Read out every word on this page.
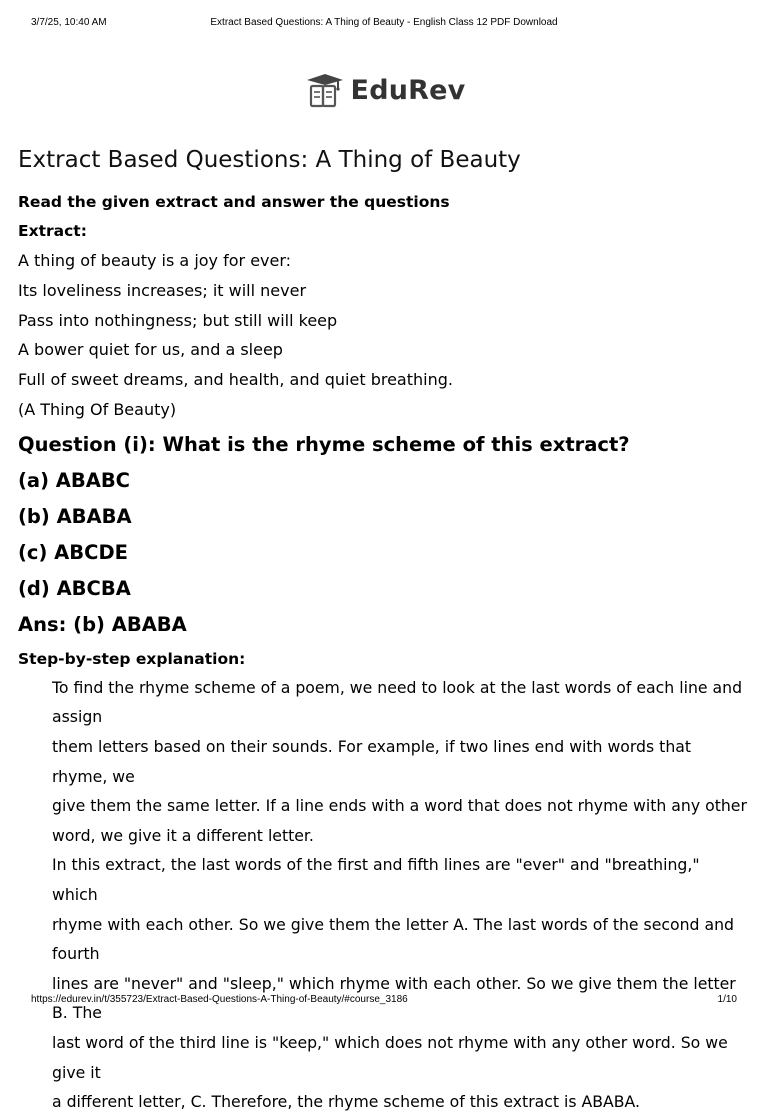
3/7/25, 10:40 AM	Extract Based Questions: A Thing of Beauty - English Class 12 PDF Download
EduRev
Extract Based Questions: A Thing of Beauty
Read the given extract and answer the questions
Extract:
A thing of beauty is a joy for ever:
Its loveliness increases; it will never
Pass into nothingness; but still will keep
A bower quiet for us, and a sleep
Full of sweet dreams, and health, and quiet breathing.
(A Thing Of Beauty)
Question (i): What is the rhyme scheme of this extract?
(a) ABABC
(b) ABABA
(c) ABCDE
(d) ABCBA
Ans: (b) ABABA
Step-by-step explanation:
To find the rhyme scheme of a poem, we need to look at the last words of each line and assign
them letters based on their sounds. For example, if two lines end with words that rhyme, we
give them the same letter. If a line ends with a word that does not rhyme with any other
word, we give it a different letter.
In this extract, the last words of the first and fifth lines are "ever" and "breathing," which
rhyme with each other. So we give them the letter A. The last words of the second and fourth
lines are "never" and "sleep," which rhyme with each other. So we give them the letter B. The
last word of the third line is "keep," which does not rhyme with any other word. So we give it
a different letter, C. Therefore, the rhyme scheme of this extract is ABABA.
https://edurev.in/t/355723/Extract-Based-Questions-A-Thing-of-Beauty/#course_3186	1/10
